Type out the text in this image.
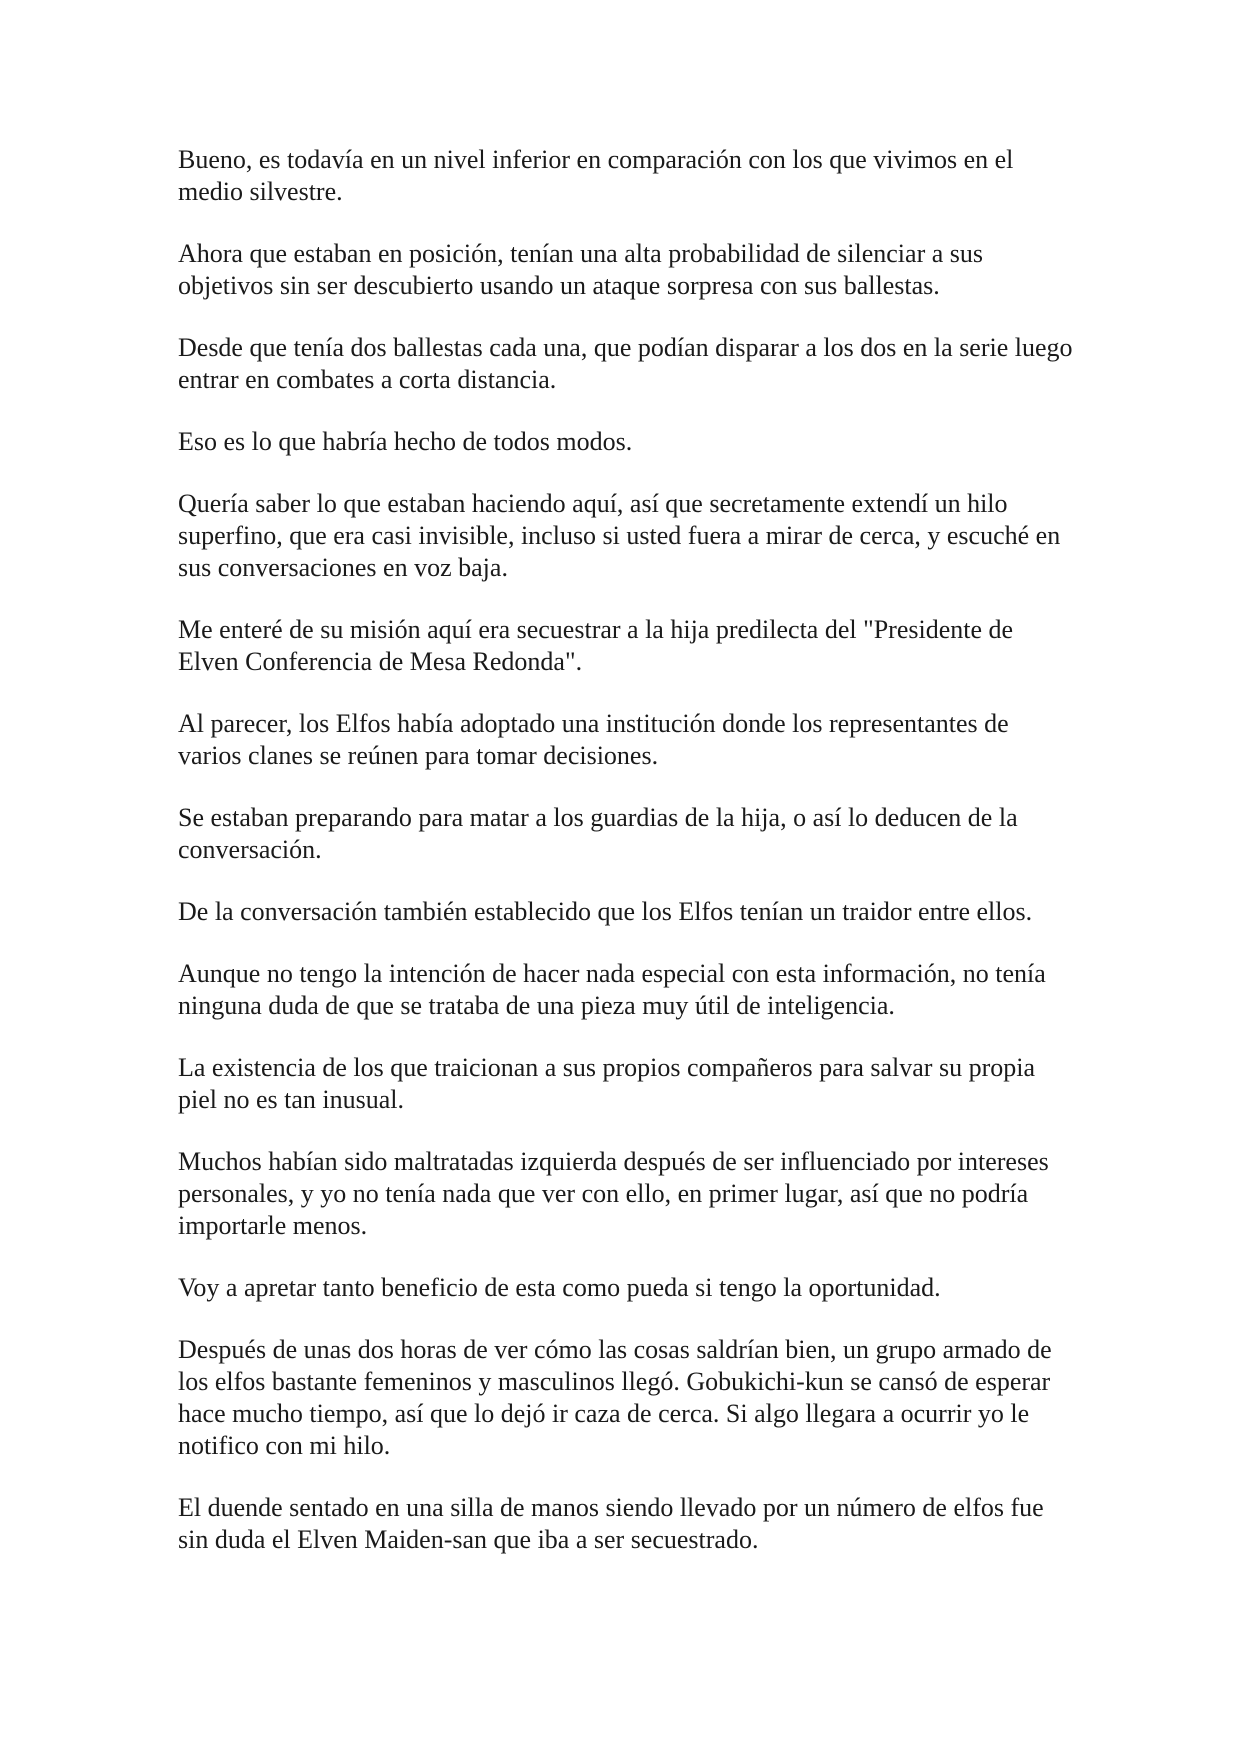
Bueno, es todavía en un nivel inferior en comparación con los que vivimos en el medio silvestre.

Ahora que estaban en posición, tenían una alta probabilidad de silenciar a sus objetivos sin ser descubierto usando un ataque sorpresa con sus ballestas.

Desde que tenía dos ballestas cada una, que podían disparar a los dos en la serie luego entrar en combates a corta distancia.

Eso es lo que habría hecho de todos modos.

Quería saber lo que estaban haciendo aquí, así que secretamente extendí un hilo superfino, que era casi invisible, incluso si usted fuera a mirar de cerca, y escuché en sus conversaciones en voz baja.

Me enteré de su misión aquí era secuestrar a la hija predilecta del "Presidente de Elven Conferencia de Mesa Redonda".

Al parecer, los Elfos había adoptado una institución donde los representantes de varios clanes se reúnen para tomar decisiones.

Se estaban preparando para matar a los guardias de la hija, o así lo deducen de la conversación.

De la conversación también establecido que los Elfos tenían un traidor entre ellos.

Aunque no tengo la intención de hacer nada especial con esta información, no tenía ninguna duda de que se trataba de una pieza muy útil de inteligencia.

La existencia de los que traicionan a sus propios compañeros para salvar su propia piel no es tan inusual.

Muchos habían sido maltratadas izquierda después de ser influenciado por intereses personales, y yo no tenía nada que ver con ello, en primer lugar, así que no podría importarle menos.

Voy a apretar tanto beneficio de esta como pueda si tengo la oportunidad.

Después de unas dos horas de ver cómo las cosas saldrían bien, un grupo armado de los elfos bastante femeninos y masculinos llegó. Gobukichi-kun se cansó de esperar hace mucho tiempo, así que lo dejó ir caza de cerca. Si algo llegara a ocurrir yo le notifico con mi hilo.

El duende sentado en una silla de manos siendo llevado por un número de elfos fue sin duda el Elven Maiden-san que iba a ser secuestrado.
